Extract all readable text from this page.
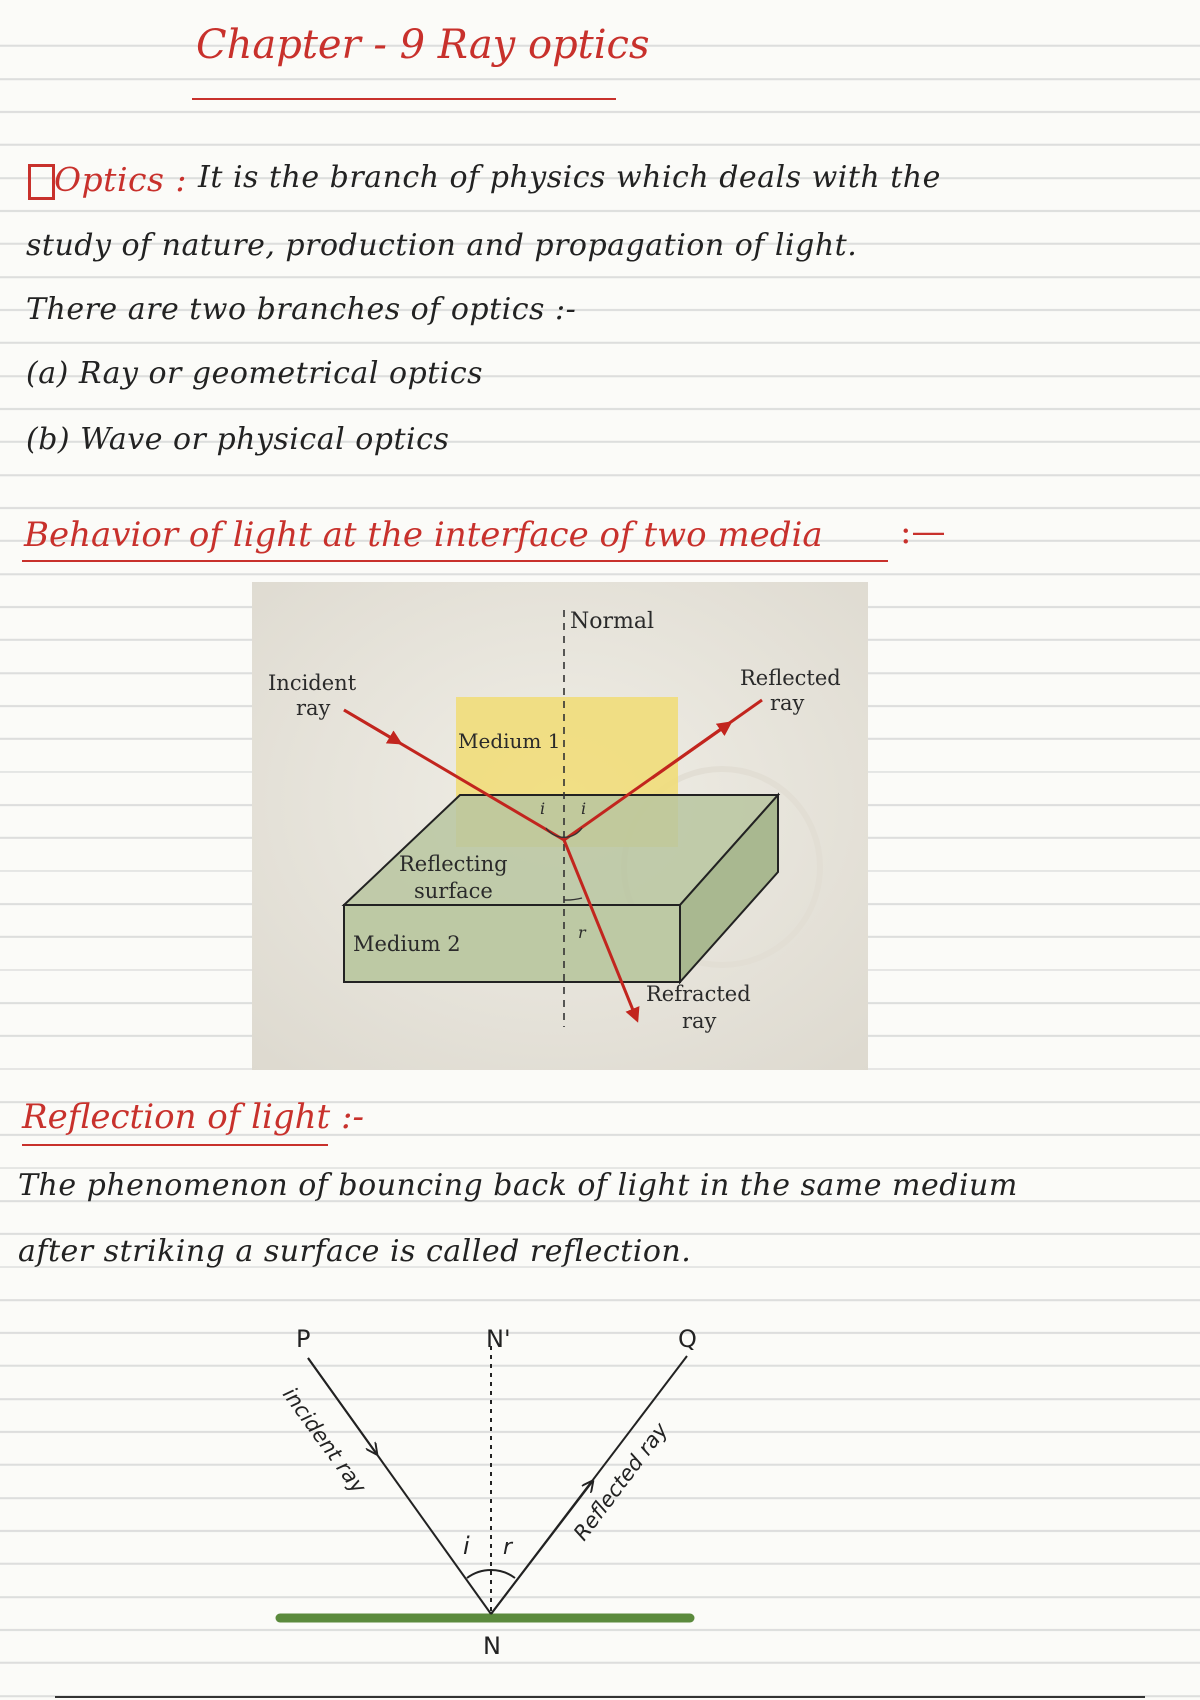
Chapter - 9 Ray optics
Optics : It is the branch of physics which deals with the
study of nature, production and propagation of light.
There are two branches of optics :-
(a) Ray or geometrical optics
(b) Wave or physical optics
Behavior of light at the interface of two media :—
Normal
Incident
ray
Reflected
ray
Medium 1
Reflecting
surface
Medium 2
Refracted
ray
i i
r
Reflection of light :-
The phenomenon of bouncing back of light in the same medium
after striking a surface is called reflection.
P	N'	Q
N
i r
incident ray	Reflected ray
